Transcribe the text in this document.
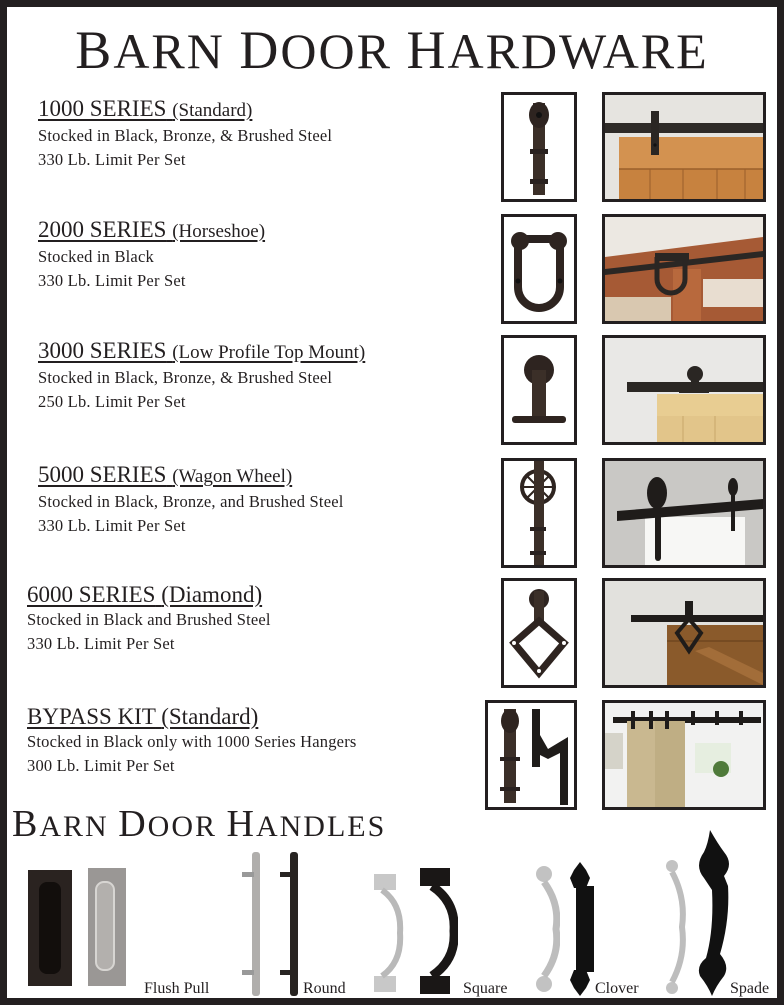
BARN DOOR HARDWARE
1000 SERIES (Standard)
Stocked in Black, Bronze, & Brushed Steel
330 Lb. Limit Per Set
2000 SERIES (Horseshoe)
Stocked in Black
330 Lb. Limit Per Set
3000 SERIES (Low Profile Top Mount)
Stocked in Black, Bronze, & Brushed Steel
250 Lb. Limit Per Set
5000 SERIES (Wagon Wheel)
Stocked in Black, Bronze, and Brushed Steel
330 Lb. Limit Per Set
6000 SERIES (Diamond)
Stocked in Black and Brushed Steel
330 Lb. Limit Per Set
BYPASS KIT (Standard)
Stocked in Black only with 1000 Series Hangers
300 Lb. Limit Per Set
BARN DOOR HANDLES
Flush Pull	Round	Square	Clover	Spade
